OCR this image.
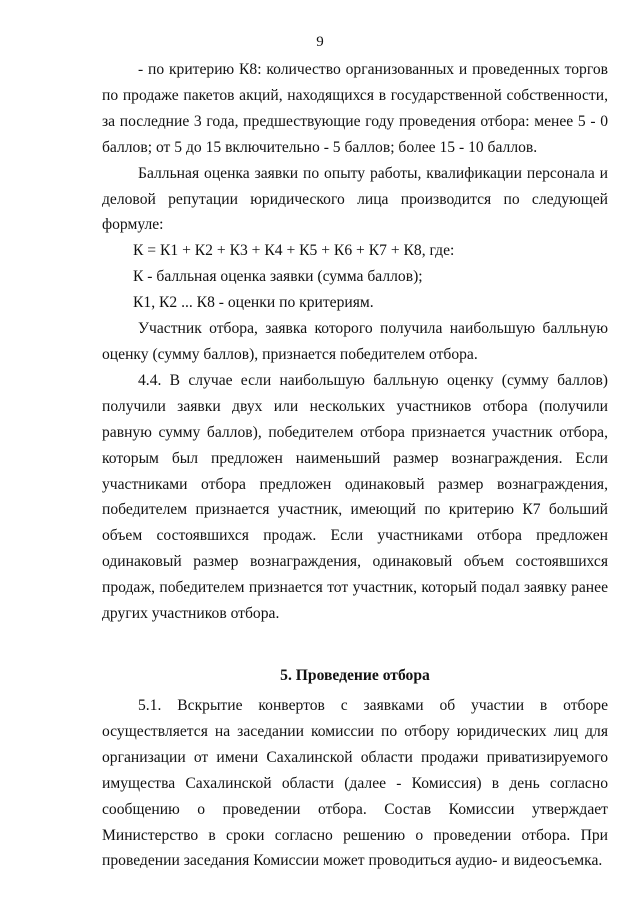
9

- по критерию К8: количество организованных и проведенных торгов по продаже пакетов акций, находящихся в государственной собственности, за последние 3 года, предшествующие году проведения отбора: менее 5 - 0 баллов; от 5 до 15 включительно - 5 баллов; более 15 - 10 баллов.

Балльная оценка заявки по опыту работы, квалификации персонала и деловой репутации юридического лица производится по следующей формуле:

К = К1 + К2 + К3 + К4 + К5 + К6 + К7 + К8, где:

К - балльная оценка заявки (сумма баллов);

К1, К2 ... К8 - оценки по критериям.

Участник отбора, заявка которого получила наибольшую балльную оценку (сумму баллов), признается победителем отбора.

4.4. В случае если наибольшую балльную оценку (сумму баллов) получили заявки двух или нескольких участников отбора (получили равную сумму баллов), победителем отбора признается участник отбора, которым был предложен наименьший размер вознаграждения. Если участниками отбора предложен одинаковый размер вознаграждения, победителем признается участник, имеющий по критерию К7 больший объем состоявшихся продаж. Если участниками отбора предложен одинаковый размер вознаграждения, одинаковый объем состоявшихся продаж, победителем признается тот участник, который подал заявку ранее других участников отбора.

5. Проведение отбора

5.1. Вскрытие конвертов с заявками об участии в отборе осуществляется на заседании комиссии по отбору юридических лиц для организации от имени Сахалинской области продажи приватизируемого имущества Сахалинской области (далее - Комиссия) в день согласно сообщению о проведении отбора. Состав Комиссии утверждает Министерство в сроки согласно решению о проведении отбора. При проведении заседания Комиссии может проводиться аудио- и видеосъемка.
